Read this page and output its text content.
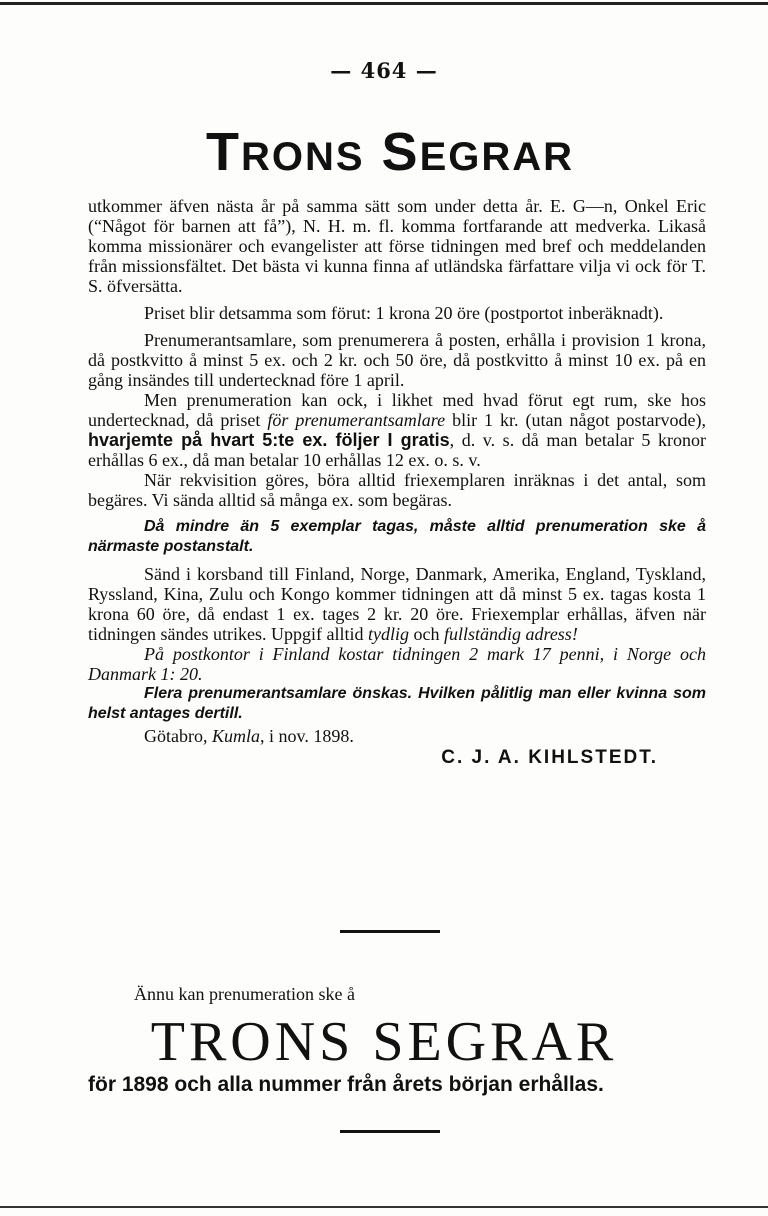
— 464 —
TRONS SEGRAR

utkommer äfven nästa år på samma sätt som under detta år. E. G—n, Onkel Eric (“Något för barnen att få”), N. H. m. fl. komma fortfarande att medverka. Likaså komma missionärer och evangelister att förse tidningen med bref och meddelanden från missionsfältet. Det bästa vi kunna finna af utländska färfattare vilja vi ock för T. S. öfversätta.

Priset blir detsamma som förut: 1 krona 20 öre (postportot inberäknadt).

Prenumerantsamlare, som prenumerera å posten, erhålla i provision 1 krona, då postkvitto å minst 5 ex. och 2 kr. och 50 öre, då postkvitto å minst 10 ex. på en gång insändes till undertecknad före 1 april.

Men prenumeration kan ock, i likhet med hvad förut egt rum, ske hos undertecknad, då priset för prenumerantsamlare blir 1 kr. (utan något postarvode), hvarjemte på hvart 5:te ex. följer I gratis, d. v. s. då man betalar 5 kronor erhållas 6 ex., då man betalar 10 erhållas 12 ex. o. s. v.

När rekvisition göres, böra alltid friexemplaren inräknas i det antal, som begäres. Vi sända alltid så många ex. som begäras.

Då mindre än 5 exemplar tagas, måste alltid prenumeration ske å närmaste postanstalt.

Sänd i korsband till Finland, Norge, Danmark, Amerika, England, Tyskland, Ryssland, Kina, Zulu och Kongo kommer tidningen att då minst 5 ex. tagas kosta 1 krona 60 öre, då endast 1 ex. tages 2 kr. 20 öre. Friexemplar erhållas, äfven när tidningen sändes utrikes. Uppgif alltid tydlig och fullständig adress!

På postkontor i Finland kostar tidningen 2 mark 17 penni, i Norge och Danmark 1: 20.

Flera prenumerantsamlare önskas. Hvilken pålitlig man eller kvinna som helst antages dertill.

Götabro, Kumla, i nov. 1898.

C. J. A. KIHLSTEDT.
Ännu kan prenumeration ske å
TRONS SEGRAR
för 1898 och alla nummer från årets början erhållas.
